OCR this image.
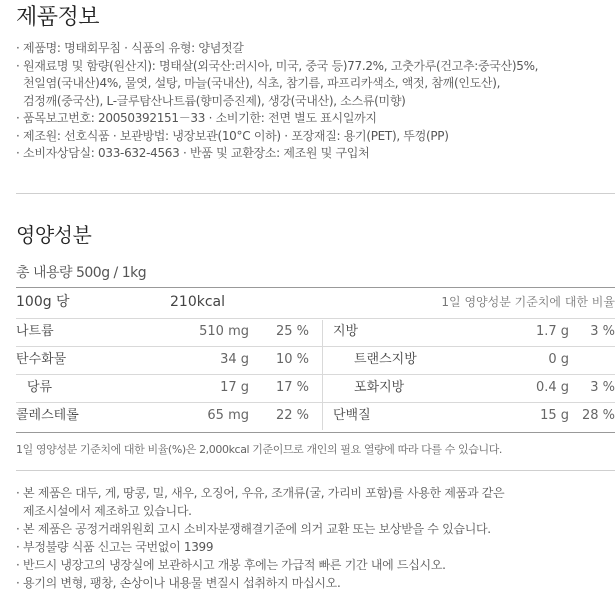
제품정보
· 제품명: 명태회무침 · 식품의 유형: 양념젓갈
· 원재료명 및 함량(원산지): 명태살(외국산:러시아, 미국, 중국 등)77.2%, 고춧가루(건고추:중국산)5%,
천일염(국내산)4%, 물엿, 설탕, 마늘(국내산), 식초, 참기름, 파프리카색소, 액젓, 참깨(인도산),
검정깨(중국산), L-글루탐산나트륨(향미증진제), 생강(국내산), 소스류(미향)
· 품목보고번호: 20050392151－33 · 소비기한: 전면 별도 표시일까지
· 제조원: 선호식품 · 보관방법: 냉장보관(10°C 이하) · 포장재질: 용기(PET), 뚜껑(PP)
· 소비자상담실: 033-632-4563 · 반품 및 교환장소: 제조원 및 구입처
영양성분
총 내용량 500g / 1kg
100g 당	210kcal	1일 영양성분 기준치에 대한 비율
나트륨	510 mg 25 % 지방	1.7 g 3 %
탄수화물	34 g 10 %	트랜스지방	0 g
당류	17 g 17 %	포화지방	0.4 g 3 %
콜레스테롤	65 mg 22 % 단백질	15 g 28 %
1일 영양성분 기준치에 대한 비율(%)은 2,000kcal 기준이므로 개인의 필요 열량에 따라 다를 수 있습니다.
· 본 제품은 대두, 게, 땅콩, 밀, 새우, 오징어, 우유, 조개류(굴, 가리비 포함)를 사용한 제품과 같은
제조시설에서 제조하고 있습니다.
· 본 제품은 공정거래위원회 고시 소비자분쟁해결기준에 의거 교환 또는 보상받을 수 있습니다.
· 부정불량 식품 신고는 국번없이 1399
· 반드시 냉장고의 냉장실에 보관하시고 개봉 후에는 가급적 빠른 기간 내에 드십시오.
· 용기의 변형, 팽창, 손상이나 내용물 변질시 섭취하지 마십시오.
